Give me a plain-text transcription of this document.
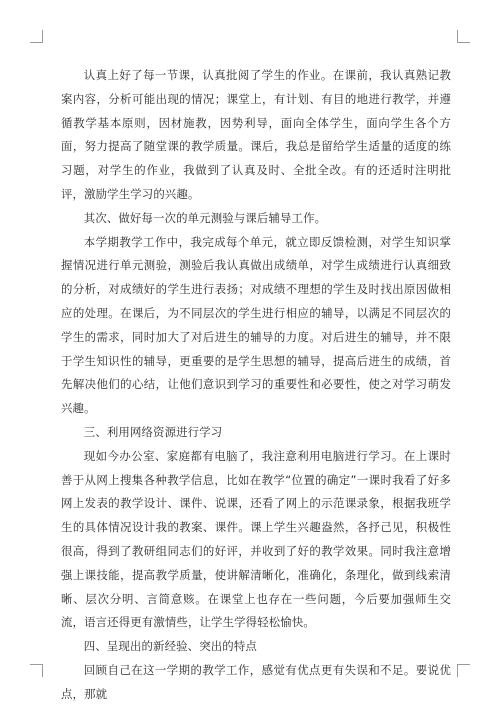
认真上好了每一节课，认真批阅了学生的作业。在课前，我认真熟记教案内容，分析可能出现的情况；课堂上，有计划、有目的地进行教学，并遵循教学基本原则，因材施教，因势利导，面向全体学生，面向学生各个方面，努力提高了随堂课的教学质量。课后，我总是留给学生适量的适度的练习题，对学生的作业，我做到了认真及时、全批全改。有的还适时注明批评，激励学生学习的兴趣。

其次、做好每一次的单元测验与课后辅导工作。

本学期教学工作中，我完成每个单元，就立即反馈检测，对学生知识掌握情况进行单元测验，测验后我认真做出成绩单，对学生成绩进行认真细致的分析，对成绩好的学生进行表扬；对成绩不理想的学生及时找出原因做相应的处理。在课后，为不同层次的学生进行相应的辅导，以满足不同层次的学生的需求，同时加大了对后进生的辅导的力度。对后进生的辅导，并不限于学生知识性的辅导，更重要的是学生思想的辅导，提高后进生的成绩，首先解决他们的心结，让他们意识到学习的重要性和必要性，使之对学习萌发兴趣。

三、利用网络资源进行学习

现如今办公室、家庭都有电脑了，我注意利用电脑进行学习。在上课时善于从网上搜集各种教学信息，比如在教学“位置的确定”一课时我看了好多网上发表的教学设计、课件、说课，还看了网上的示范课录象，根据我班学生的具体情况设计我的教案、课件。课上学生兴趣盎然，各抒己见，积极性很高，得到了教研组同志们的好评，并收到了好的教学效果。同时我注意增强上课技能，提高教学质量，使讲解清晰化，准确化，条理化，做到线索清晰、层次分明、言简意赅。在课堂上也存在一些问题，今后要加强师生交流，语言还得更有激情些，让学生学得轻松愉快。

四、呈现出的新经验、突出的特点

回顾自己在这一学期的教学工作，感觉有优点更有失误和不足。要说优点，那就
